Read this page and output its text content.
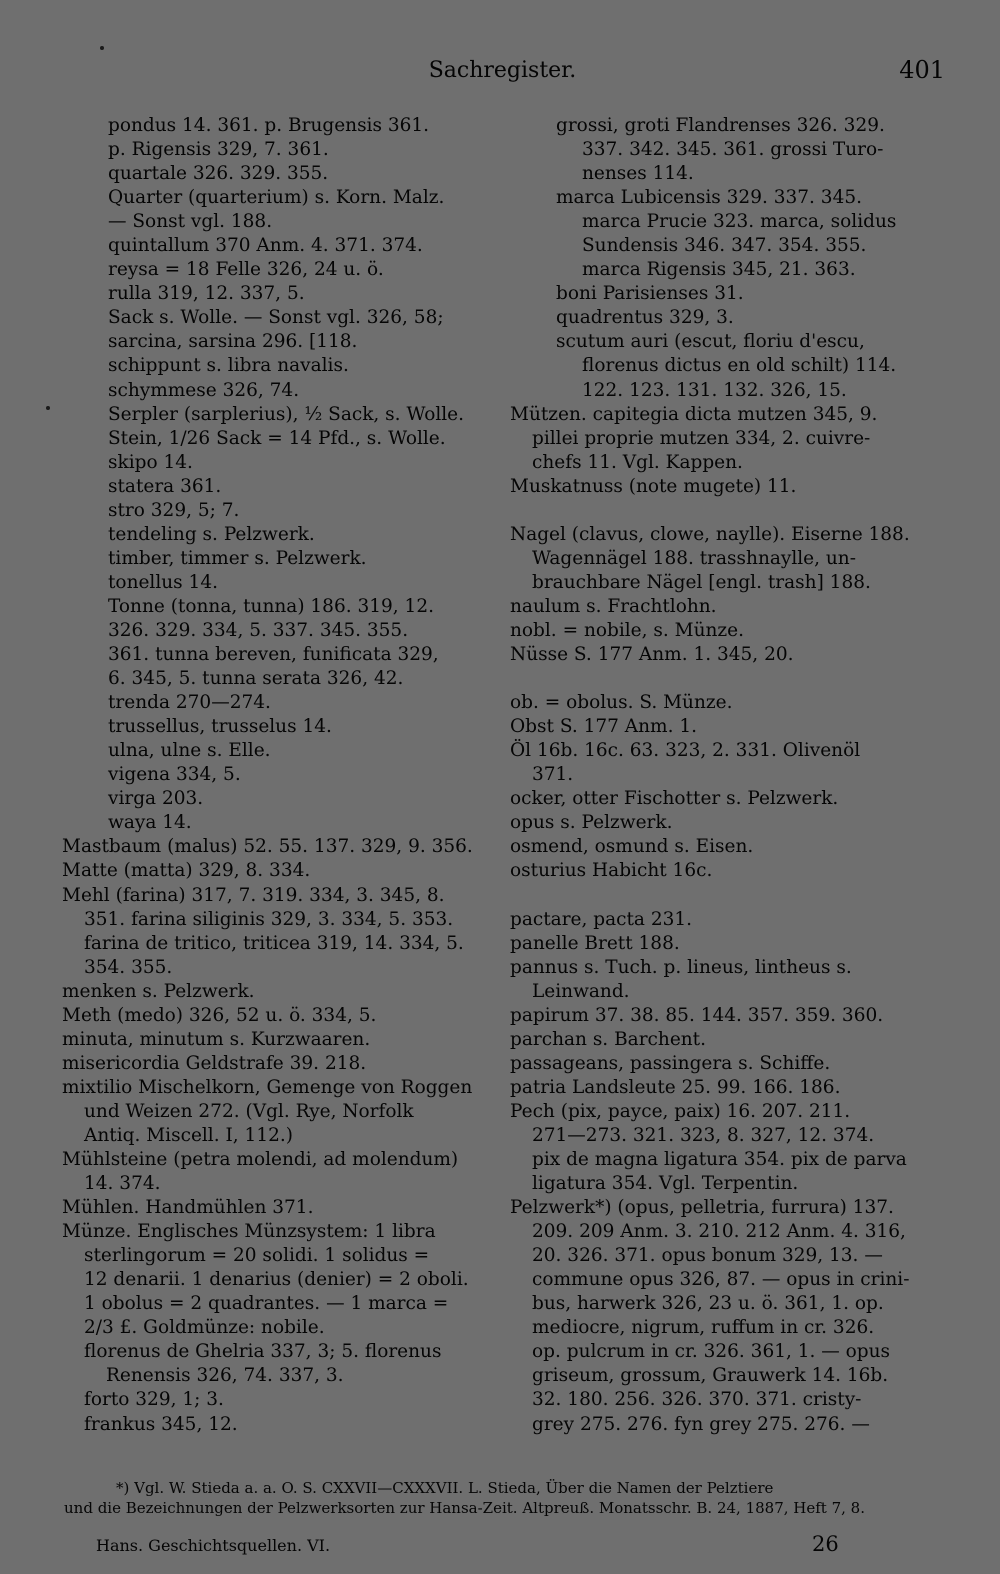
Sachregister.	401
pondus 14. 361. p. Brugensis 361.
p. Rigensis 329, 7. 361.
quartale 326. 329. 355.
Quarter (quarterium) s. Korn. Malz.
— Sonst vgl. 188.
quintallum 370 Anm. 4. 371. 374.
reysa = 18 Felle 326, 24 u. ö.
rulla 319, 12. 337, 5.
Sack s. Wolle. — Sonst vgl. 326, 58;
sarcina, sarsina 296. [118.
schippunt s. libra navalis.
schymmese 326, 74.
Serpler (sarplerius), ½ Sack, s. Wolle.
Stein, 1/26 Sack = 14 Pfd., s. Wolle.
skipo 14.
statera 361.
stro 329, 5; 7.
tendeling s. Pelzwerk.
timber, timmer s. Pelzwerk.
tonellus 14.
Tonne (tonna, tunna) 186. 319, 12.
326. 329. 334, 5. 337. 345. 355.
361. tunna bereven, funificata 329,
6. 345, 5. tunna serata 326, 42.
trenda 270—274.
trussellus, trusselus 14.
ulna, ulne s. Elle.
vigena 334, 5.
virga 203.
waya 14.
Mastbaum (malus) 52. 55. 137. 329, 9. 356.
Matte (matta) 329, 8. 334.
Mehl (farina) 317, 7. 319. 334, 3. 345, 8.
351. farina siliginis 329, 3. 334, 5. 353.
farina de tritico, triticea 319, 14. 334, 5.
354. 355.
menken s. Pelzwerk.
Meth (medo) 326, 52 u. ö. 334, 5.
minuta, minutum s. Kurzwaaren.
misericordia Geldstrafe 39. 218.
mixtilio Mischelkorn, Gemenge von Roggen
und Weizen 272. (Vgl. Rye, Norfolk
Antiq. Miscell. I, 112.)
Mühlsteine (petra molendi, ad molendum)
14. 374.
Mühlen. Handmühlen 371.
Münze. Englisches Münzsystem: 1 libra
sterlingorum = 20 solidi. 1 solidus =
12 denarii. 1 denarius (denier) = 2 oboli.
1 obolus = 2 quadrantes. — 1 marca =
2/3 £. Goldmünze: nobile.
florenus de Ghelria 337, 3; 5. florenus
Renensis 326, 74. 337, 3.
forto 329, 1; 3.
frankus 345, 12.
grossi, groti Flandrenses 326. 329.
337. 342. 345. 361. grossi Turo-
nenses 114.
marca Lubicensis 329. 337. 345.
marca Prucie 323. marca, solidus
Sundensis 346. 347. 354. 355.
marca Rigensis 345, 21. 363.
boni Parisienses 31.
quadrentus 329, 3.
scutum auri (escut, floriu d'escu,
florenus dictus en old schilt) 114.
122. 123. 131. 132. 326, 15.
Mützen. capitegia dicta mutzen 345, 9.
pillei proprie mutzen 334, 2. cuivre-
chefs 11. Vgl. Kappen.
Muskatnuss (note mugete) 11.
Nagel (clavus, clowe, naylle). Eiserne 188.
Wagennägel 188. trasshnaylle, un-
brauchbare Nägel [engl. trash] 188.
naulum s. Frachtlohn.
nobl. = nobile, s. Münze.
Nüsse S. 177 Anm. 1. 345, 20.
ob. = obolus. S. Münze.
Obst S. 177 Anm. 1.
Öl 16b. 16c. 63. 323, 2. 331. Olivenöl
371.
ocker, otter Fischotter s. Pelzwerk.
opus s. Pelzwerk.
osmend, osmund s. Eisen.
osturius Habicht 16c.
pactare, pacta 231.
panelle Brett 188.
pannus s. Tuch. p. lineus, lintheus s.
Leinwand.
papirum 37. 38. 85. 144. 357. 359. 360.
parchan s. Barchent.
passageans, passingera s. Schiffe.
patria Landsleute 25. 99. 166. 186.
Pech (pix, payce, paix) 16. 207. 211.
271—273. 321. 323, 8. 327, 12. 374.
pix de magna ligatura 354. pix de parva
ligatura 354. Vgl. Terpentin.
Pelzwerk*) (opus, pelletria, furrura) 137.
209. 209 Anm. 3. 210. 212 Anm. 4. 316,
20. 326. 371. opus bonum 329, 13. —
commune opus 326, 87. — opus in crini-
bus, harwerk 326, 23 u. ö. 361, 1. op.
mediocre, nigrum, ruffum in cr. 326.
op. pulcrum in cr. 326. 361, 1. — opus
griseum, grossum, Grauwerk 14. 16b.
32. 180. 256. 326. 370. 371. cristy-
grey 275. 276. fyn grey 275. 276. —
*) Vgl. W. Stieda a. a. O. S. CXXVII—CXXXVII. L. Stieda, Über die Namen der Pelztiere
und die Bezeichnungen der Pelzwerksorten zur Hansa-Zeit. Altpreuß. Monatsschr. B. 24, 1887, Heft 7, 8.
Hans. Geschichtsquellen. VI.	26
